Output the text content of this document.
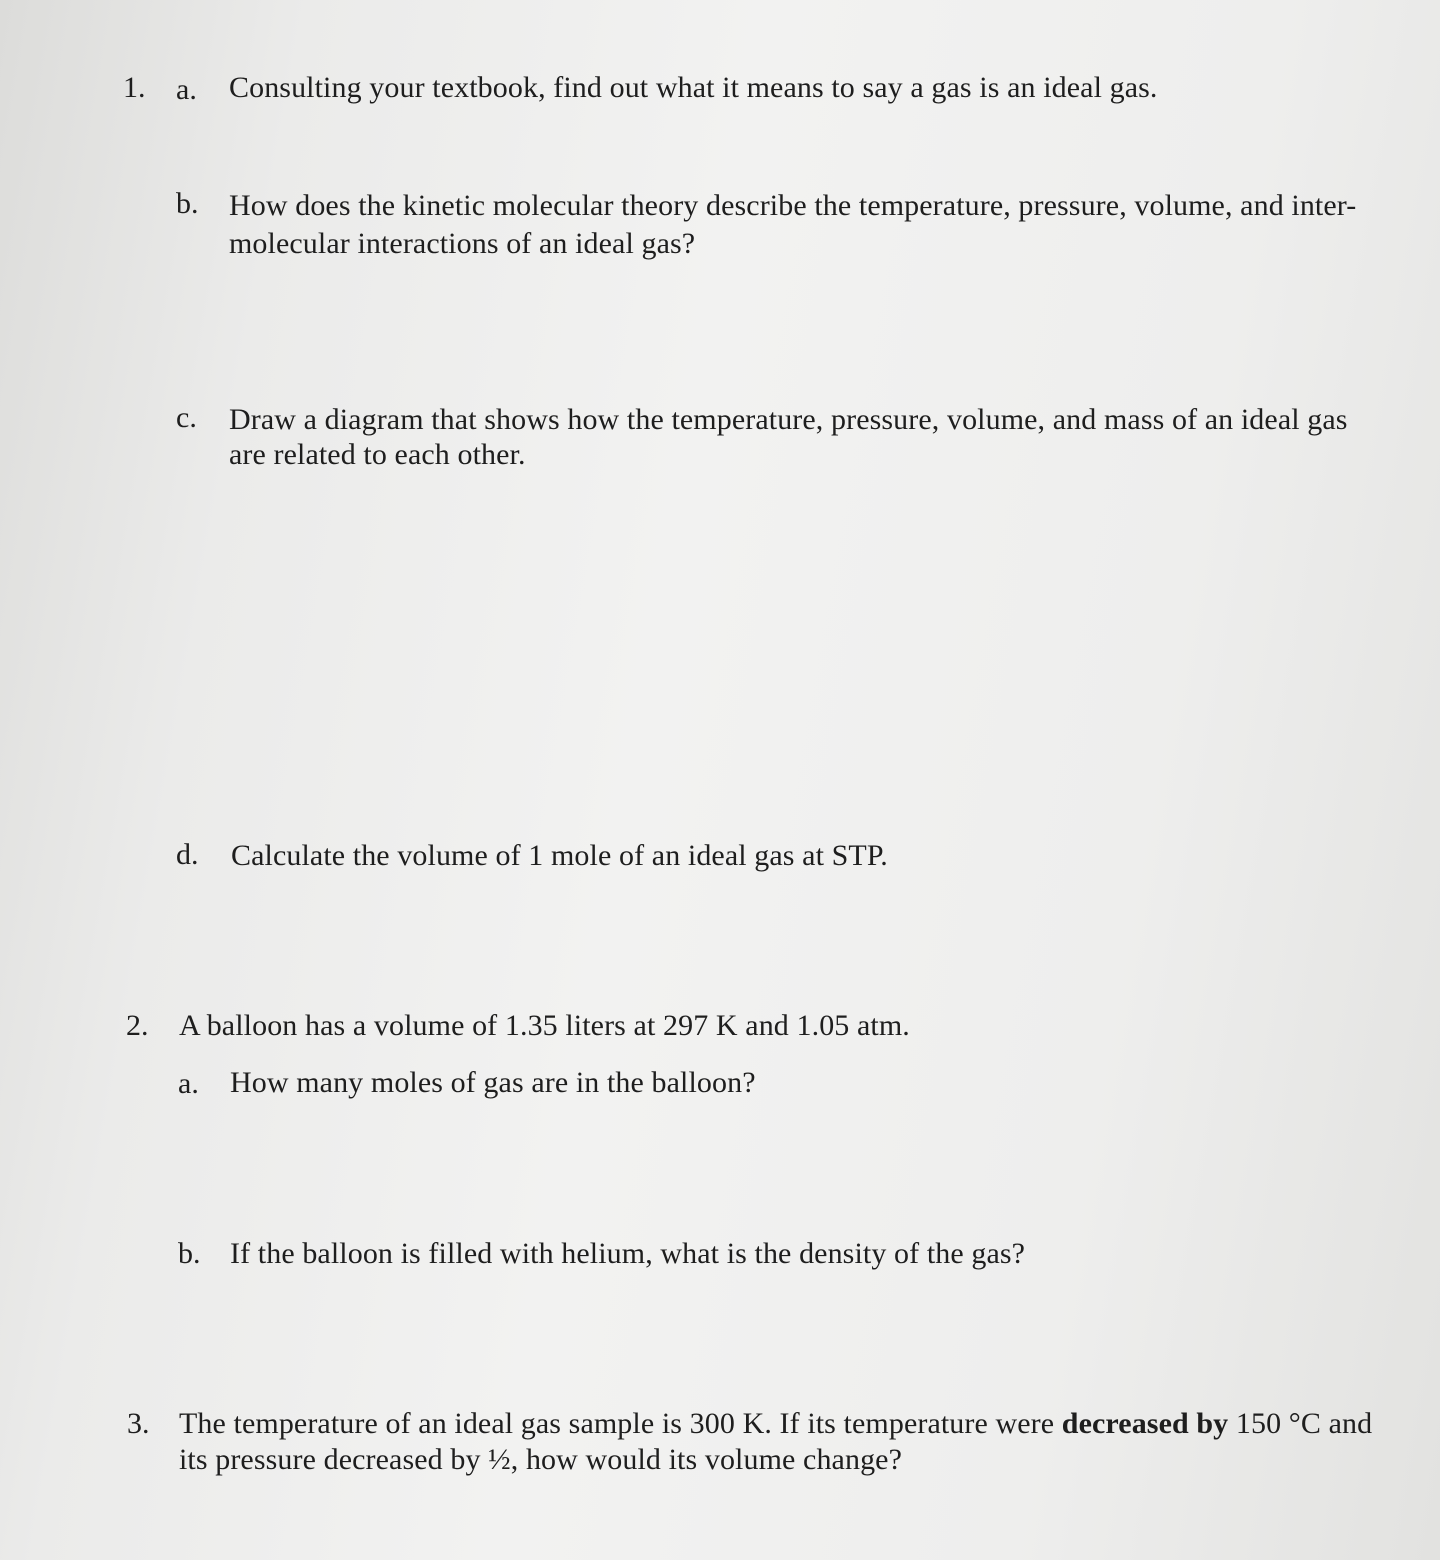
1. a. Consulting your textbook, find out what it means to say a gas is an ideal gas.
b. How does the kinetic molecular theory describe the temperature, pressure, volume, and inter-
molecular interactions of an ideal gas?
c. Draw a diagram that shows how the temperature, pressure, volume, and mass of an ideal gas
are related to each other.
d. Calculate the volume of 1 mole of an ideal gas at STP.
2. A balloon has a volume of 1.35 liters at 297 K and 1.05 atm.
a. How many moles of gas are in the balloon?
b. If the balloon is filled with helium, what is the density of the gas?
3. The temperature of an ideal gas sample is 300 K. If its temperature were decreased by 150 °C and
its pressure decreased by ½, how would its volume change?
